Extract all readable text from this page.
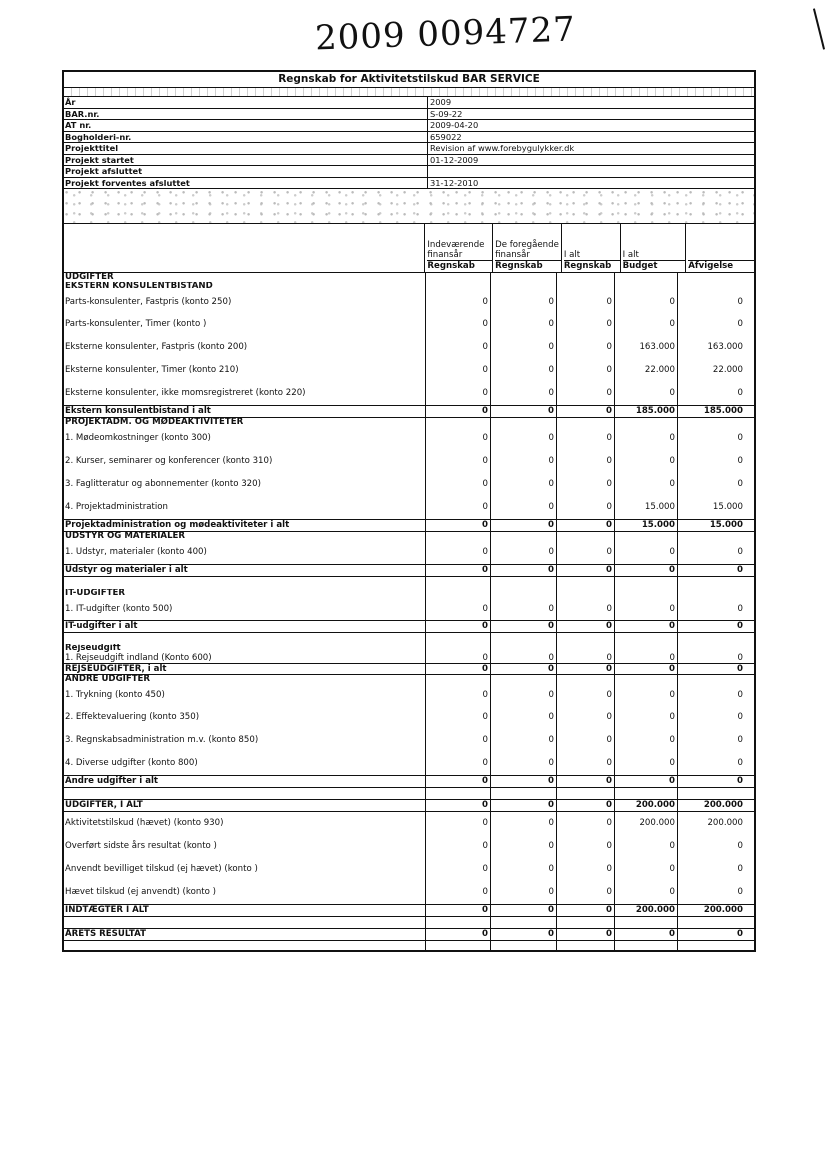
2009 0094727
Regnskab for Aktivitetstilskud BAR SERVICE
År	2009
BAR.nr.	S-09-22
AT nr.	2009-04-20
Bogholderi-nr.	659022
Projekttitel	Revision af www.forebygulykker.dk
Projekt startet	01-12-2009
Projekt afsluttet
Projekt forventes afsluttet	31-12-2010
Indeværende finansår
Regnskab
De foregående finansår
Regnskab
I alt
Regnskab
I alt
Budget	Afvigelse
UDGIFTER
EKSTERN KONSULENTBISTAND
Parts-konsulenter, Fastpris (konto 250)	0	0	0	0	0
Parts-konsulenter, Timer (konto )	0	0	0	0	0
Eksterne konsulenter, Fastpris (konto 200)	0	0	0	163.000	163.000
Eksterne konsulenter, Timer (konto 210)	0	0	0	22.000	22.000
Eksterne konsulenter, ikke momsregistreret (konto 220)	0	0	0	0	0
Ekstern konsulentbistand i alt	0	0	0	185.000	185.000
PROJEKTADM. OG MØDEAKTIVITETER
1. Mødeomkostninger (konto 300)	0	0	0	0	0
2. Kurser, seminarer og konferencer (konto 310)	0	0	0	0	0
3. Faglitteratur og abonnementer (konto 320)	0	0	0	0	0
4. Projektadministration	0	0	0	15.000	15.000
Projektadministration og mødeaktiviteter i alt	0	0	0	15.000	15.000
UDSTYR OG MATERIALER
1. Udstyr, materialer (konto 400)	0	0	0	0	0
Udstyr og materialer i alt	0	0	0	0	0
IT-UDGIFTER
1. IT-udgifter (konto 500)	0	0	0	0	0
IT-udgifter i alt	0	0	0	0	0
Rejseudgift
1. Rejseudgift indland (Konto 600)	0	0	0	0	0
REJSEUDGIFTER, i alt	0	0	0	0	0
ANDRE UDGIFTER
1. Trykning (konto 450)	0	0	0	0	0
2. Effektevaluering (konto 350)	0	0	0	0	0
3. Regnskabsadministration m.v. (konto 850)	0	0	0	0	0
4. Diverse udgifter (konto 800)	0	0	0	0	0
Andre udgifter i alt	0	0	0	0	0
UDGIFTER, I ALT	0	0	0	200.000	200.000
Aktivitetstilskud (hævet) (konto 930)	0	0	0	200.000	200.000
Overført sidste års resultat (konto )	0	0	0	0	0
Anvendt bevilliget tilskud (ej hævet) (konto )	0	0	0	0	0
Hævet tilskud (ej anvendt) (konto )	0	0	0	0	0
INDTÆGTER I ALT	0	0	0	200.000	200.000
ÅRETS RESULTAT	0	0	0	0	0
